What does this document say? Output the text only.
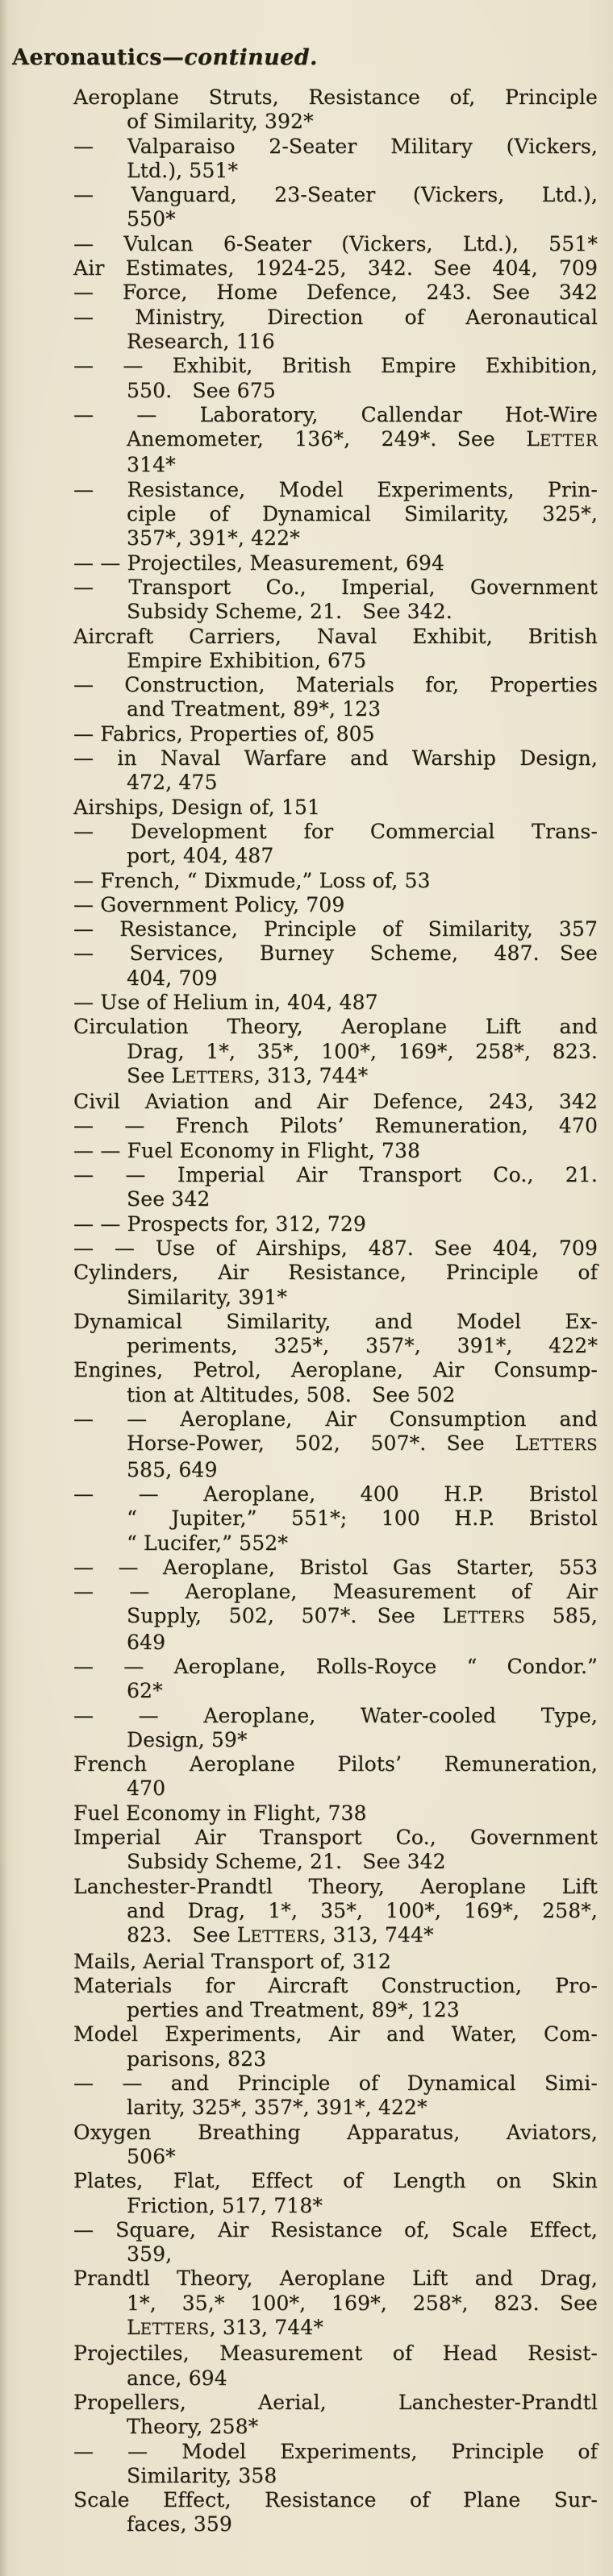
Aeronautics—continued.
Aeroplane Struts, Resistance of, Principle
of Similarity, 392*
— Valparaiso 2-Seater Military (Vickers,
Ltd.), 551*
— Vanguard, 23-Seater (Vickers, Ltd.),
550*
— Vulcan 6-Seater (Vickers, Ltd.), 551*
Air Estimates, 1924-25, 342. See 404, 709
— Force, Home Defence, 243. See 342
— Ministry, Direction of Aeronautical
Research, 116
— — Exhibit, British Empire Exhibition,
550. See 675
— — Laboratory, Callendar Hot-Wire
Anemometer, 136*, 249*. See LETTER
314*
— Resistance, Model Experiments, Prin-
ciple of Dynamical Similarity, 325*,
357*, 391*, 422*
— — Projectiles, Measurement, 694
— Transport Co., Imperial, Government
Subsidy Scheme, 21. See 342.
Aircraft Carriers, Naval Exhibit, British
Empire Exhibition, 675
— Construction, Materials for, Properties
and Treatment, 89*, 123
— Fabrics, Properties of, 805
— in Naval Warfare and Warship Design,
472, 475
Airships, Design of, 151
— Development for Commercial Trans-
port, 404, 487
— French, “ Dixmude,” Loss of, 53
— Government Policy, 709
— Resistance, Principle of Similarity, 357
— Services, Burney Scheme, 487. See
404, 709
— Use of Helium in, 404, 487
Circulation Theory, Aeroplane Lift and
Drag, 1*, 35*, 100*, 169*, 258*, 823.
See LETTERS, 313, 744*
Civil Aviation and Air Defence, 243, 342
— — French Pilots’ Remuneration, 470
— — Fuel Economy in Flight, 738
— — Imperial Air Transport Co., 21.
See 342
— — Prospects for, 312, 729
— — Use of Airships, 487. See 404, 709
Cylinders, Air Resistance, Principle of
Similarity, 391*
Dynamical Similarity, and Model Ex-
periments, 325*, 357*, 391*, 422*
Engines, Petrol, Aeroplane, Air Consump-
tion at Altitudes, 508. See 502
— — Aeroplane, Air Consumption and
Horse-Power, 502, 507*. See LETTERS
585, 649
— — Aeroplane, 400 H.P. Bristol
“ Jupiter,” 551*; 100 H.P. Bristol
“ Lucifer,” 552*
— — Aeroplane, Bristol Gas Starter, 553
— — Aeroplane, Measurement of Air
Supply, 502, 507*. See LETTERS 585,
649
— — Aeroplane, Rolls-Royce “ Condor.”
62*
— — Aeroplane, Water-cooled Type,
Design, 59*
French Aeroplane Pilots’ Remuneration,
470
Fuel Economy in Flight, 738
Imperial Air Transport Co., Government
Subsidy Scheme, 21. See 342
Lanchester-Prandtl Theory, Aeroplane Lift
and Drag, 1*, 35*, 100*, 169*, 258*,
823. See LETTERS, 313, 744*
Mails, Aerial Transport of, 312
Materials for Aircraft Construction, Pro-
perties and Treatment, 89*, 123
Model Experiments, Air and Water, Com-
parisons, 823
— — and Principle of Dynamical Simi-
larity, 325*, 357*, 391*, 422*
Oxygen Breathing Apparatus, Aviators,
506*
Plates, Flat, Effect of Length on Skin
Friction, 517, 718*
— Square, Air Resistance of, Scale Effect,
359,
Prandtl Theory, Aeroplane Lift and Drag,
1*, 35,* 100*, 169*, 258*, 823. See
LETTERS, 313, 744*
Projectiles, Measurement of Head Resist-
ance, 694
Propellers, Aerial, Lanchester-Prandtl
Theory, 258*
— — Model Experiments, Principle of
Similarity, 358
Scale Effect, Resistance of Plane Sur-
faces, 359
